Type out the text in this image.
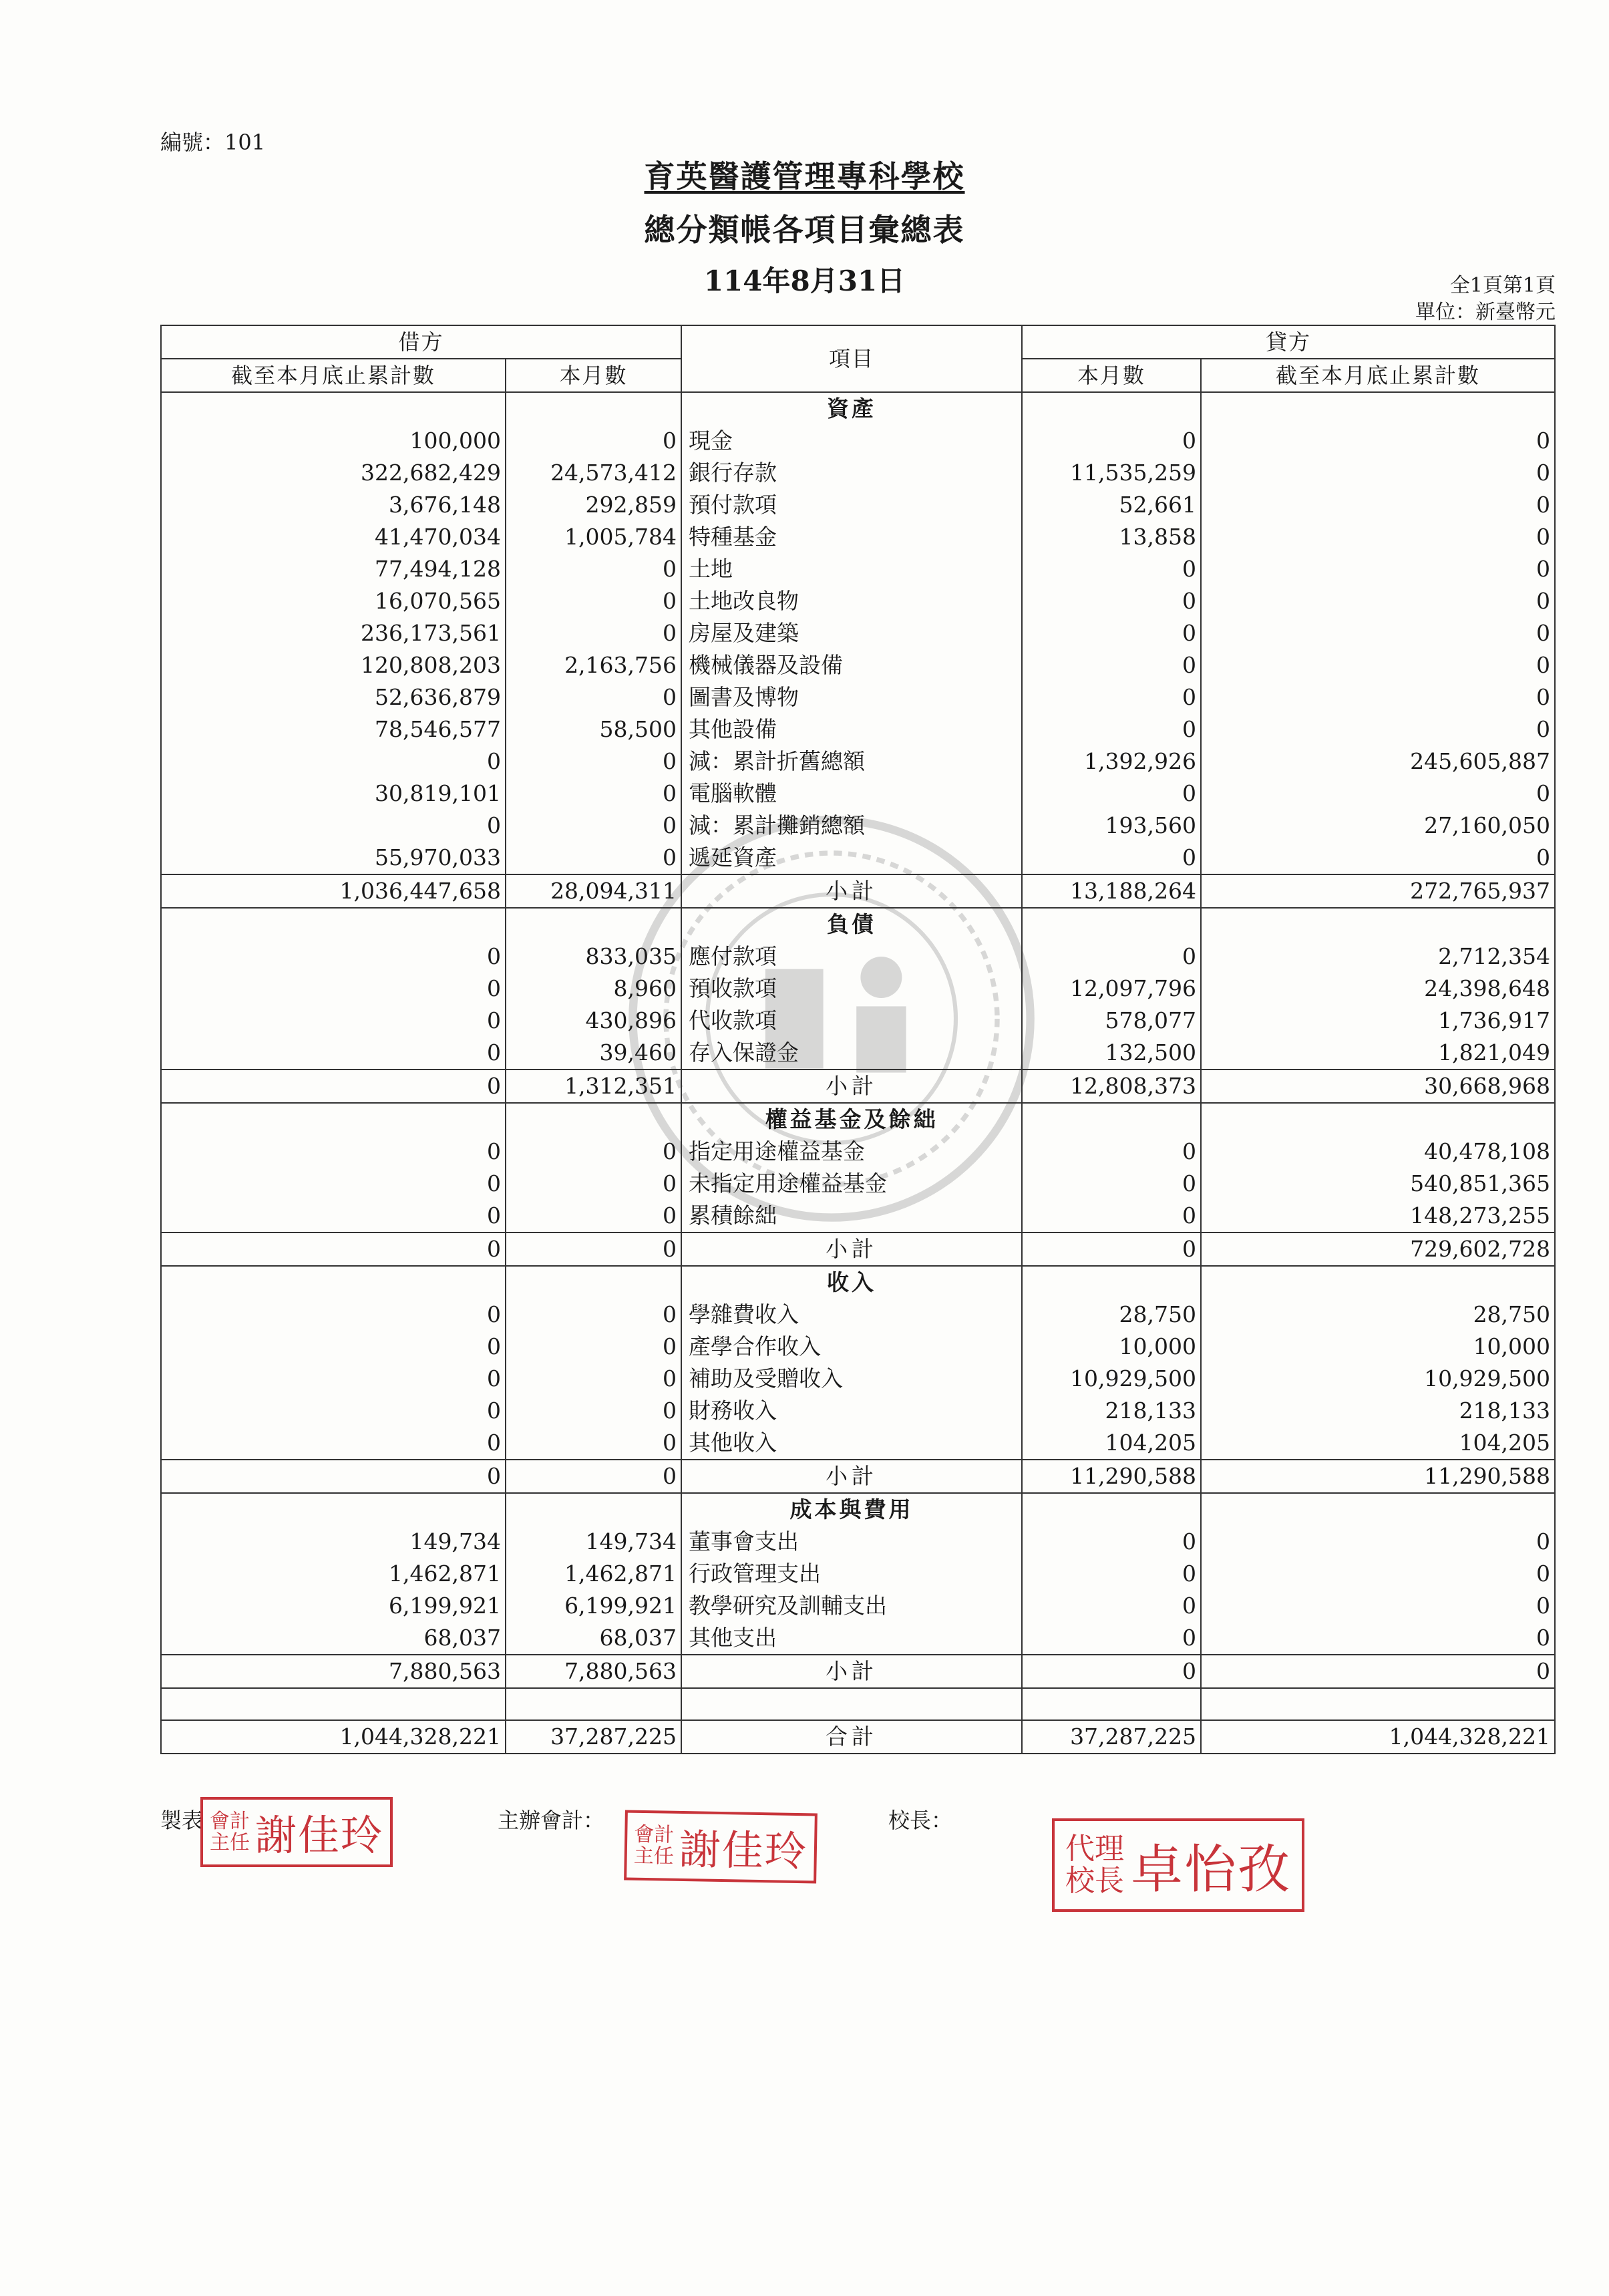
編號：101
育英醫護管理專科學校
總分類帳各項目彙總表
114年8月31日	全1頁第1頁
單位：新臺幣元
借方		項目	貸方	
截至本月底止累計數	本月數		本月數	截至本月底止累計數
		資產		
100,000	0	現金	0	0
322,682,429	24,573,412	銀行存款	11,535,259	0
3,676,148	292,859	預付款項	52,661	0
41,470,034	1,005,784	特種基金	13,858	0
77,494,128	0	土地	0	0
16,070,565	0	土地改良物	0	0
236,173,561	0	房屋及建築	0	0
120,808,203	2,163,756	機械儀器及設備	0	0
52,636,879	0	圖書及博物	0	0
78,546,577	58,500	其他設備	0	0
0	0	減：累計折舊總額	1,392,926	245,605,887
30,819,101	0	電腦軟體	0	0
0	0	減：累計攤銷總額	193,560	27,160,050
55,970,033	0	遞延資產	0	0
1,036,447,658	28,094,311	小計	13,188,264	272,765,937
		負債		
0	833,035	應付款項	0	2,712,354
0	8,960	預收款項	12,097,796	24,398,648
0	430,896	代收款項	578,077	1,736,917
0	39,460	存入保證金	132,500	1,821,049
0	1,312,351	小計	12,808,373	30,668,968
		權益基金及餘絀		
0	0	指定用途權益基金	0	40,478,108
0	0	未指定用途權益基金	0	540,851,365
0	0	累積餘絀	0	148,273,255
0	0	小計	0	729,602,728
		收入		
0	0	學雜費收入	28,750	28,750
0	0	產學合作收入	10,000	10,000
0	0	補助及受贈收入	10,929,500	10,929,500
0	0	財務收入	218,133	218,133
0	0	其他收入	104,205	104,205
0	0	小計	11,290,588	11,290,588
		成本與費用		
149,734	149,734	董事會支出	0	0
1,462,871	1,462,871	行政管理支出	0	0
6,199,921	6,199,921	教學研究及訓輔支出	0	0
68,037	68,037	其他支出	0	0
7,880,563	7,880,563	小計	0	0

1,044,328,221	37,287,225	合計	37,287,225	1,044,328,221
製表 會 計
主 任 謝佳玲	主辦會計：
會 計
主 任 謝佳玲
校長：
代 理
校 長 卓怡孜
